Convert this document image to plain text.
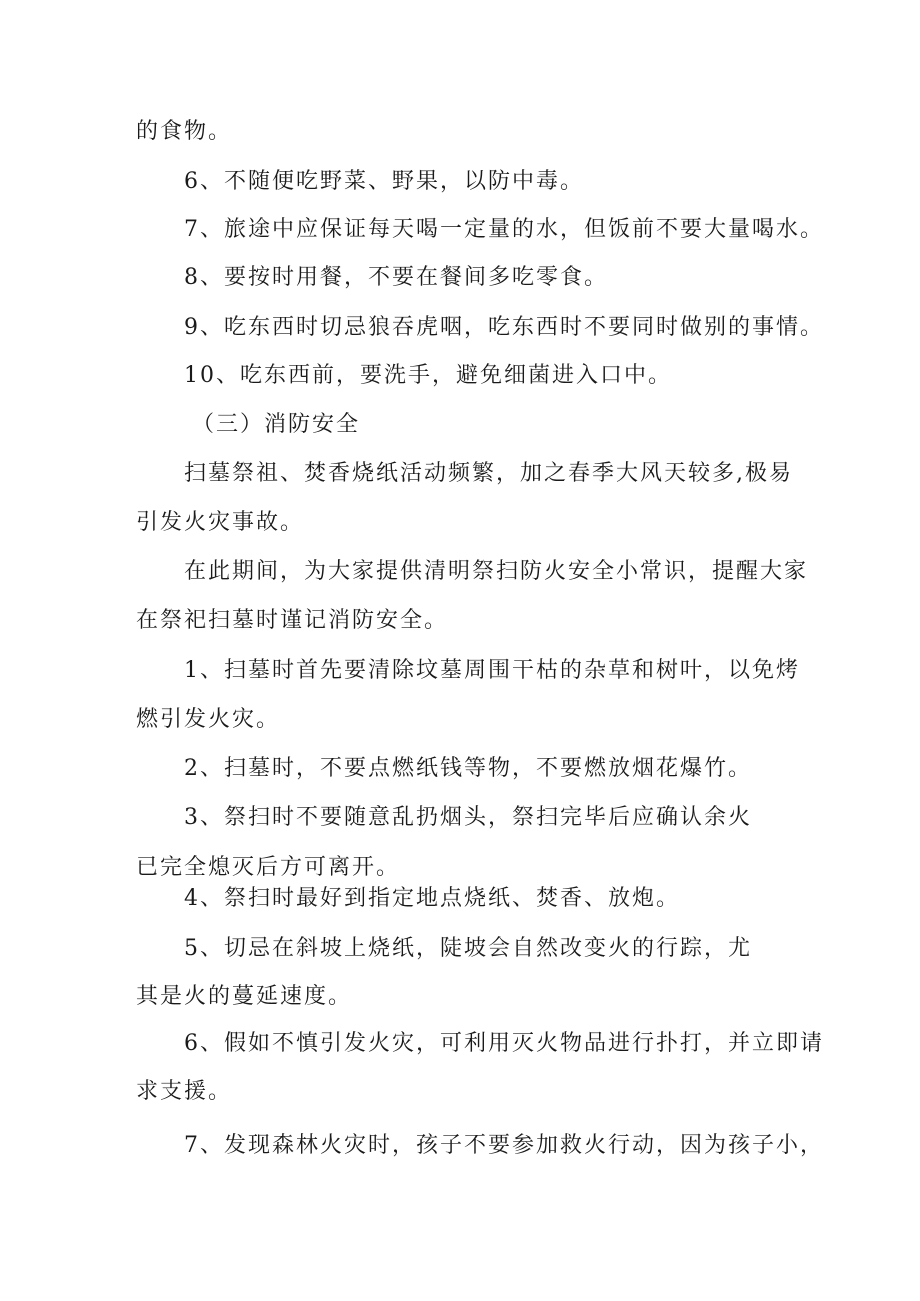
的食物。
6、不随便吃野菜、野果，以防中毒。
7、旅途中应保证每天喝一定量的水，但饭前不要大量喝水。
8、要按时用餐，不要在餐间多吃零食。
9、吃东西时切忌狼吞虎咽，吃东西时不要同时做别的事情。
10、吃东西前，要洗手，避免细菌进入口中。
（三）消防安全
扫墓祭祖、焚香烧纸活动频繁，加之春季大风天较多,极易
引发火灾事故。
在此期间，为大家提供清明祭扫防火安全小常识，提醒大家
在祭祀扫墓时谨记消防安全。
1、扫墓时首先要清除坟墓周围干枯的杂草和树叶，以免烤
燃引发火灾。
2、扫墓时，不要点燃纸钱等物，不要燃放烟花爆竹。
3、祭扫时不要随意乱扔烟头，祭扫完毕后应确认余火
已完全熄灭后方可离开。
4、祭扫时最好到指定地点烧纸、焚香、放炮。
5、切忌在斜坡上烧纸，陡坡会自然改变火的行踪，尤
其是火的蔓延速度。
6、假如不慎引发火灾，可利用灭火物品进行扑打，并立即请
求支援。
7、发现森林火灾时，孩子不要参加救火行动，因为孩子小，
